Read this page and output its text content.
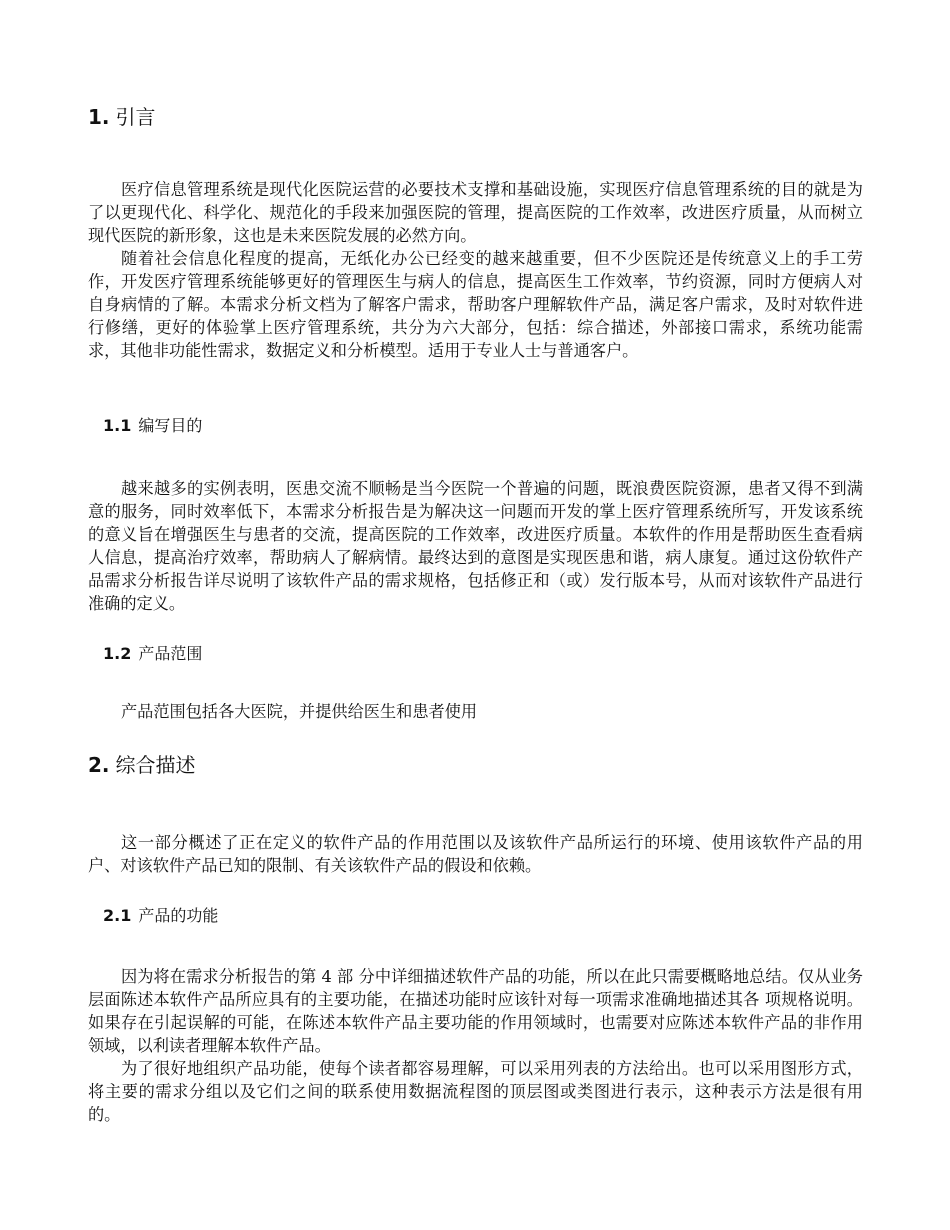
1. 引言

医疗信息管理系统是现代化医院运营的必要技术支撑和基础设施，实现医疗信息管理系统的目的就是为了以更现代化、科学化、规范化的手段来加强医院的管理，提高医院的工作效率，改进医疗质量，从而树立现代医院的新形象，这也是未来医院发展的必然方向。

随着社会信息化程度的提高，无纸化办公已经变的越来越重要，但不少医院还是传统意义上的手工劳作，开发医疗管理系统能够更好的管理医生与病人的信息，提高医生工作效率，节约资源，同时方便病人对自身病情的了解。本需求分析文档为了解客户需求，帮助客户理解软件产品，满足客户需求，及时对软件进行修缮，更好的体验掌上医疗管理系统，共分为六大部分，包括：综合描述，外部接口需求，系统功能需求，其他非功能性需求，数据定义和分析模型。适用于专业人士与普通客户。

1.1 编写目的

越来越多的实例表明，医患交流不顺畅是当今医院一个普遍的问题，既浪费医院资源，患者又得不到满意的服务，同时效率低下，本需求分析报告是为解决这一问题而开发的掌上医疗管理系统所写，开发该系统的意义旨在增强医生与患者的交流，提高医院的工作效率，改进医疗质量。本软件的作用是帮助医生查看病人信息，提高治疗效率，帮助病人了解病情。最终达到的意图是实现医患和谐，病人康复。通过这份软件产品需求分析报告详尽说明了该软件产品的需求规格，包括修正和（或）发行版本号，从而对该软件产品进行准确的定义。

1.2 产品范围

产品范围包括各大医院，并提供给医生和患者使用

2. 综合描述

这一部分概述了正在定义的软件产品的作用范围以及该软件产品所运行的环境、使用该软件产品的用户、对该软件产品已知的限制、有关该软件产品的假设和依赖。

2.1 产品的功能

因为将在需求分析报告的第 4 部 分中详细描述软件产品的功能，所以在此只需要概略地总结。仅从业务层面陈述本软件产品所应具有的主要功能，在描述功能时应该针对每一项需求准确地描述其各 项规格说明。如果存在引起误解的可能，在陈述本软件产品主要功能的作用领域时，也需要对应陈述本软件产品的非作用领域，以利读者理解本软件产品。

为了很好地组织产品功能，使每个读者都容易理解，可以采用列表的方法给出。也可以采用图形方式，将主要的需求分组以及它们之间的联系使用数据流程图的顶层图或类图进行表示，这种表示方法是很有用的。
